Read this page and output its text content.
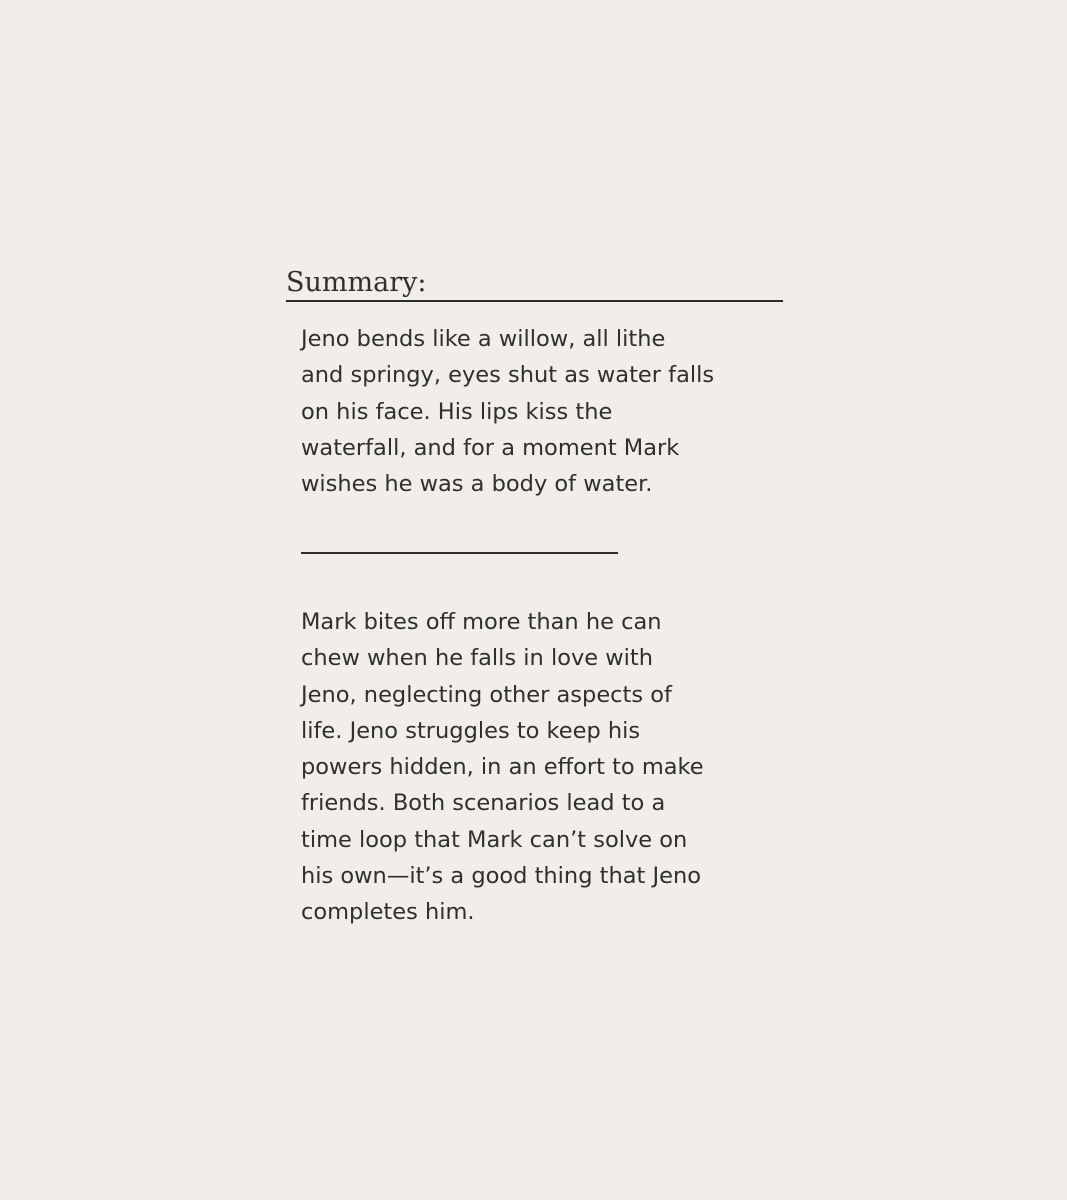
Summary:
Jeno bends like a willow, all lithe
and springy, eyes shut as water falls
on his face. His lips kiss the
waterfall, and for a moment Mark
wishes he was a body of water.
Mark bites off more than he can
chew when he falls in love with
Jeno, neglecting other aspects of
life. Jeno struggles to keep his
powers hidden, in an effort to make
friends. Both scenarios lead to a
time loop that Mark can’t solve on
his own—it’s a good thing that Jeno
completes him.
